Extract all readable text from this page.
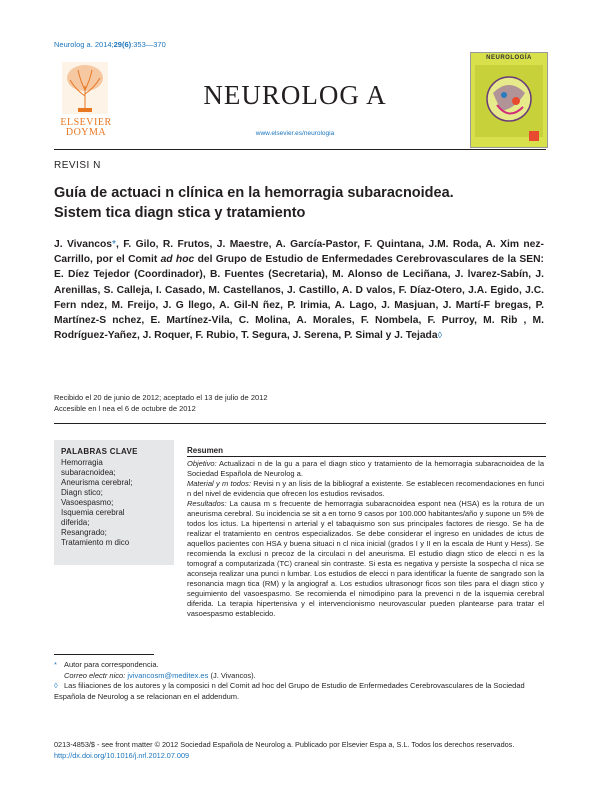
Neurolog a. 2014;29(6):353—370
ELSEVIER
DOYMA
NEUROLOG A
www.elsevier.es/neurologia
NEUROLOGÍA
REVISI N
Guía de actuaci n clínica en la hemorragia subaracnoidea.
Sistem tica diagn stica y tratamiento
J. Vivancos*, F. Gilo, R. Frutos, J. Maestre, A. García-Pastor, F. Quintana, J.M. Roda, A. Xim nez-Carrillo, por el Comit ad hoc del Grupo de Estudio de Enfermedades Cerebrovasculares de la SEN: E. Díez Tejedor (Coordinador), B. Fuentes (Secretaria), M. Alonso de Leciñana, J. lvarez-Sabín, J. Arenillas, S. Calleja, I. Casado, M. Castellanos, J. Castillo, A. D valos, F. Díaz-Otero, J.A. Egido, J.C. Fern ndez, M. Freijo, J. G llego, A. Gil-N ñez, P. Irimia, A. Lago, J. Masjuan, J. Martí-F bregas, P. Martínez-S nchez, E. Martínez-Vila, C. Molina, A. Morales, F. Nombela, F. Purroy, M. Rib , M. Rodríguez-Yañez, J. Roquer, F. Rubio, T. Segura, J. Serena, P. Simal y J. Tejada◊
Recibido el 20 de junio de 2012; aceptado el 13 de julio de 2012
Accesible en l nea el 6 de octubre de 2012
PALABRAS CLAVE
Hemorragia
subaracnoidea;
Aneurisma cerebral;
Diagn stico;
Vasoespasmo;
Isquemia cerebral
diferida;
Resangrado;
Tratamiento m dico
Resumen
Objetivo: Actualizaci n de la gu a para el diagn stico y tratamiento de la hemorragia subaracnoidea de la Sociedad Española de Neurolog a.
Material y m todos: Revisi n y an lisis de la bibliograf a existente. Se establecen recomendaciones en funci n del nivel de evidencia que ofrecen los estudios revisados.
Resultados: La causa m s frecuente de hemorragia subaracnoidea espont nea (HSA) es la rotura de un aneurisma cerebral. Su incidencia se sit a en torno 9 casos por 100.000 habitantes/año y supone un 5% de todos los ictus. La hipertensi n arterial y el tabaquismo son sus principales factores de riesgo. Se ha de realizar el tratamiento en centros especializados. Se debe considerar el ingreso en unidades de ictus de aquellos pacientes con HSA y buena situaci n cl nica inicial (grados I y II en la escala de Hunt y Hess). Se recomienda la exclusi n precoz de la circulaci n del aneurisma. El estudio diagn stico de elecci n es la tomograf a computarizada (TC) craneal sin contraste. Si esta es negativa y persiste la sospecha cl nica se aconseja realizar una punci n lumbar. Los estudios de elecci n para identificar la fuente de sangrado son la resonancia magn tica (RM) y la angiograf a. Los estudios ultrasonogr ficos son tiles para el diagn stico y seguimiento del vasoespasmo. Se recomienda el nimodipino para la prevenci n de la isquemia cerebral diferida. La terapia hipertensiva y el intervencionismo neurovascular pueden plantearse para tratar el vasoespasmo establecido.
* Autor para correspondencia.
Correo electr nico: jvivancosm@meditex.es (J. Vivancos).
◊ Las filiaciones de los autores y la composici n del Comit ad hoc del Grupo de Estudio de Enfermedades Cerebrovasculares de la Sociedad Española de Neurolog a se relacionan en el addendum.
0213-4853/$ - see front matter © 2012 Sociedad Española de Neurolog a. Publicado por Elsevier Espa a, S.L. Todos los derechos reservados.
http://dx.doi.org/10.1016/j.nrl.2012.07.009
